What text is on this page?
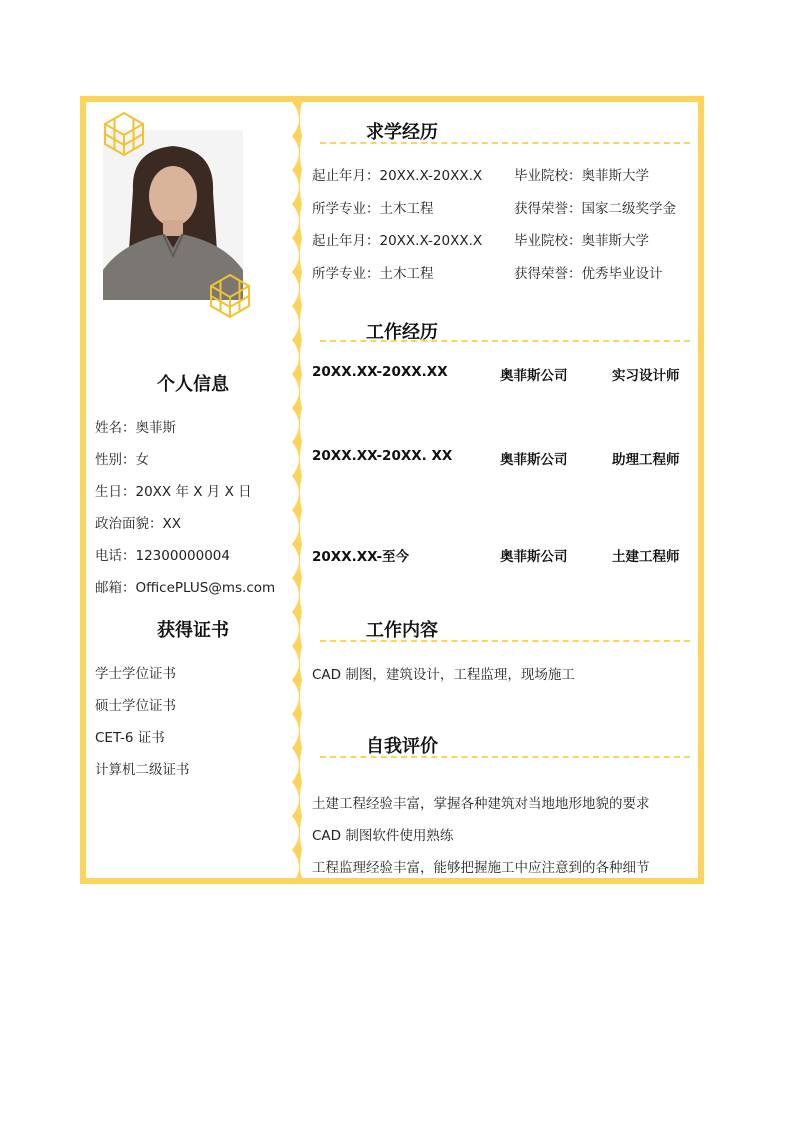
个人信息
姓名：奥菲斯
性别：女
生日：20XX 年 X 月 X 日
政治面貌：XX
电话：12300000004
邮箱：OfficePLUS@ms.com
获得证书
学士学位证书
硕士学位证书
CET-6 证书
计算机二级证书
求学经历
起止年月：20XX.X-20XX.X 毕业院校：奥菲斯大学
所学专业：土木工程	获得荣誉：国家二级奖学金
起止年月：20XX.X-20XX.X 毕业院校：奥菲斯大学
所学专业：土木工程	获得荣誉：优秀毕业设计
工作经历
20XX.XX-20XX.XX	奥菲斯公司	实习设计师
20XX.XX-20XX. XX	奥菲斯公司	助理工程师
20XX.XX-至今	奥菲斯公司	土建工程师
工作内容
CAD 制图，建筑设计，工程监理，现场施工
自我评价
土建工程经验丰富，掌握各种建筑对当地地形地貌的要求
CAD 制图软件使用熟练
工程监理经验丰富，能够把握施工中应注意到的各种细节
